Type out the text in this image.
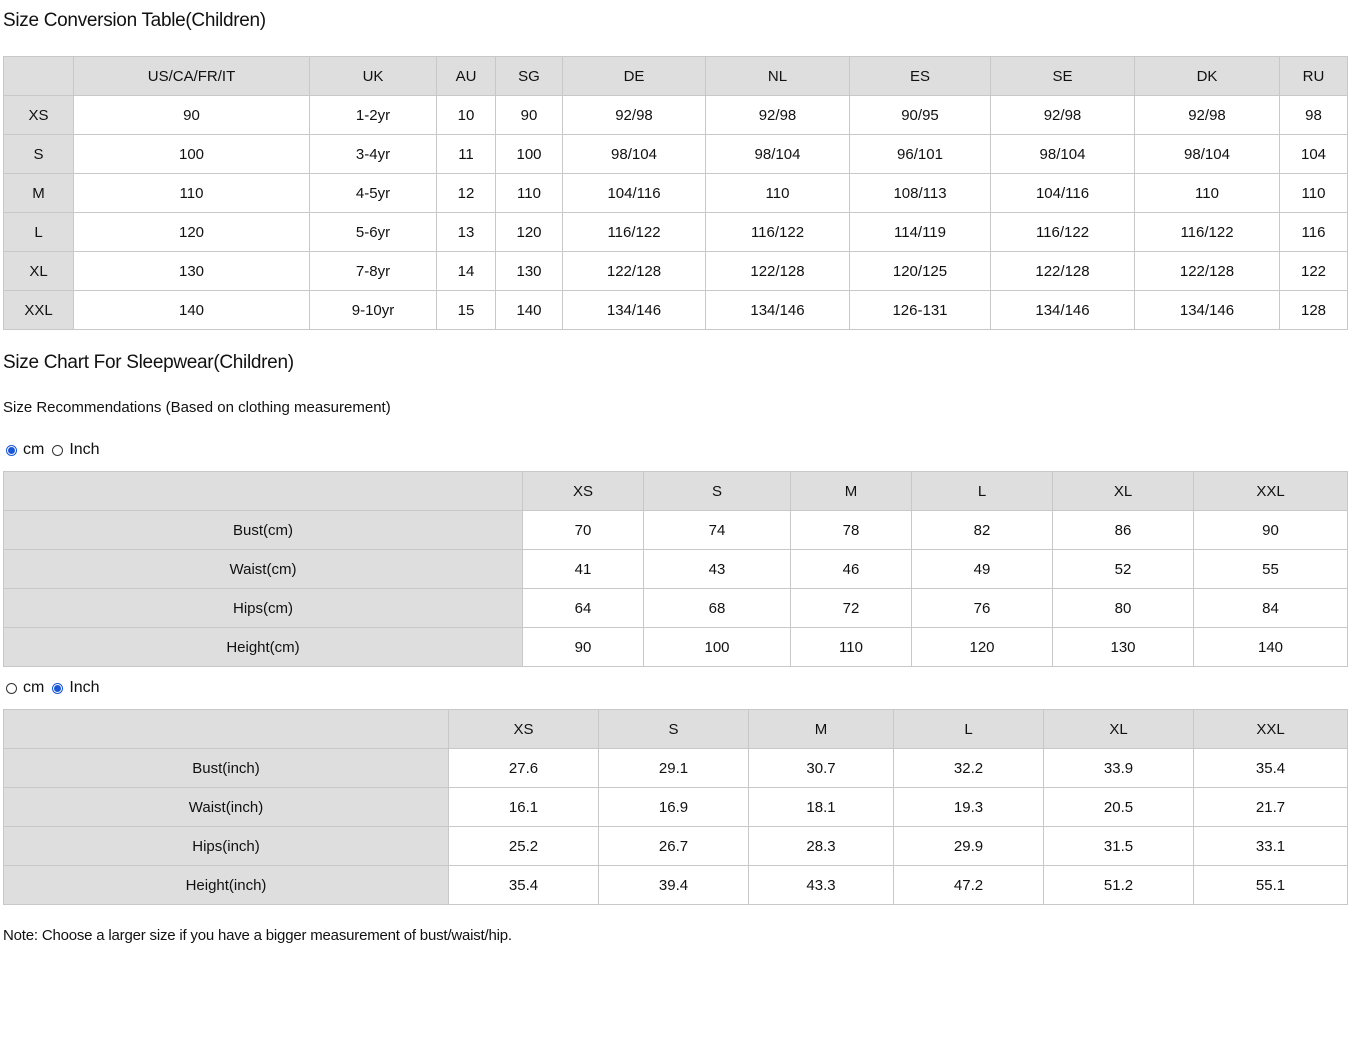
Size Conversion Table(Children)
	US/CA/FR/IT	UK	AU	SG	DE	NL	ES	SE	DK	RU
XS	90	1-2yr	10	90	92/98	92/98	90/95	92/98	92/98	98
S	100	3-4yr	11	100	98/104	98/104	96/101	98/104	98/104	104
M	110	4-5yr	12	110	104/116	110	108/113	104/116	110	110
L	120	5-6yr	13	120	116/122	116/122	114/119	116/122	116/122	116
XL	130	7-8yr	14	130	122/128	122/128	120/125	122/128	122/128	122
XXL	140	9-10yr	15	140	134/146	134/146	126-131	134/146	134/146	128
Size Chart For Sleepwear(Children)
Size Recommendations (Based on clothing measurement)
cm Inch
	XS	S	M	L	XL	XXL
Bust(cm)	70	74	78	82	86	90
Waist(cm)	41	43	46	49	52	55
Hips(cm)	64	68	72	76	80	84
Height(cm)	90	100	110	120	130	140
cm Inch
	XS	S	M	L	XL	XXL
Bust(inch)	27.6	29.1	30.7	32.2	33.9	35.4
Waist(inch)	16.1	16.9	18.1	19.3	20.5	21.7
Hips(inch)	25.2	26.7	28.3	29.9	31.5	33.1
Height(inch)	35.4	39.4	43.3	47.2	51.2	55.1
Note: Choose a larger size if you have a bigger measurement of bust/waist/hip.
